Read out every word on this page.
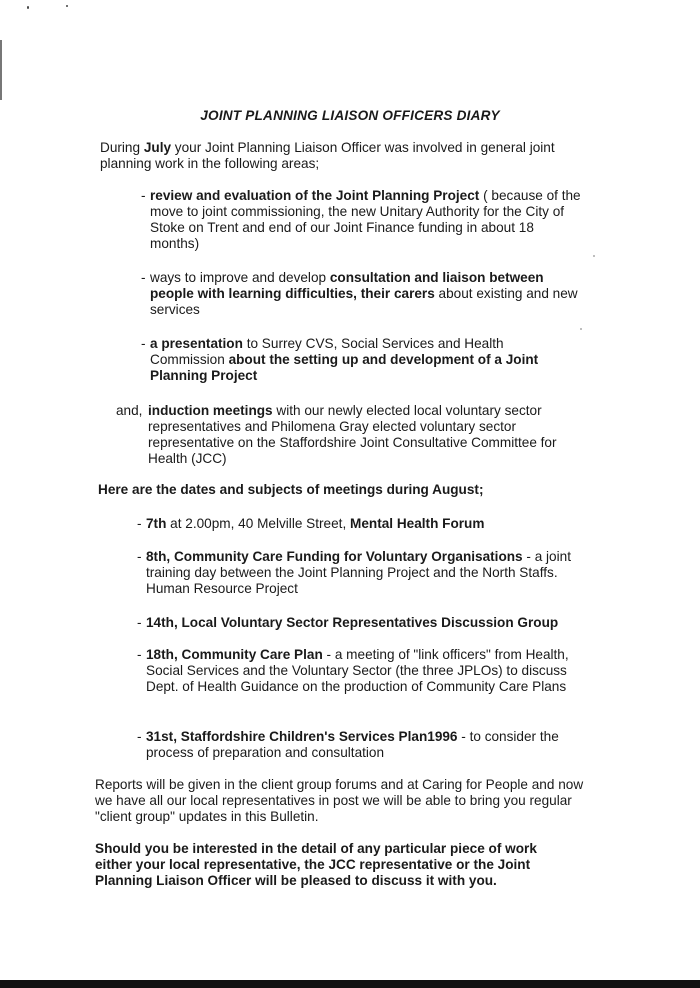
JOINT PLANNING LIAISON OFFICERS DIARY

During July your Joint Planning Liaison Officer was involved in general joint planning work in the following areas;

- review and evaluation of the Joint Planning Project ( because of the move to joint commissioning, the new Unitary Authority for the City of Stoke on Trent and end of our Joint Finance funding in about 18 months)
- ways to improve and develop consultation and liaison between people with learning difficulties, their carers about existing and new services
- a presentation to Surrey CVS, Social Services and Health Commission about the setting up and development of a Joint Planning Project
and, induction meetings with our newly elected local voluntary sector representatives and Philomena Gray elected voluntary sector representative on the Staffordshire Joint Consultative Committee for Health (JCC)

Here are the dates and subjects of meetings during August;

- 7th at 2.00pm, 40 Melville Street, Mental Health Forum
- 8th, Community Care Funding for Voluntary Organisations - a joint training day between the Joint Planning Project and the North Staffs. Human Resource Project
- 14th, Local Voluntary Sector Representatives Discussion Group
- 18th, Community Care Plan - a meeting of "link officers" from Health, Social Services and the Voluntary Sector (the three JPLOs) to discuss Dept. of Health Guidance on the production of Community Care Plans
- 31st, Staffordshire Children's Services Plan1996 - to consider the process of preparation and consultation

Reports will be given in the client group forums and at Caring for People and now we have all our local representatives in post we will be able to bring you regular "client group" updates in this Bulletin.

Should you be interested in the detail of any particular piece of work either your local representative, the JCC representative or the Joint Planning Liaison Officer will be pleased to discuss it with you.
